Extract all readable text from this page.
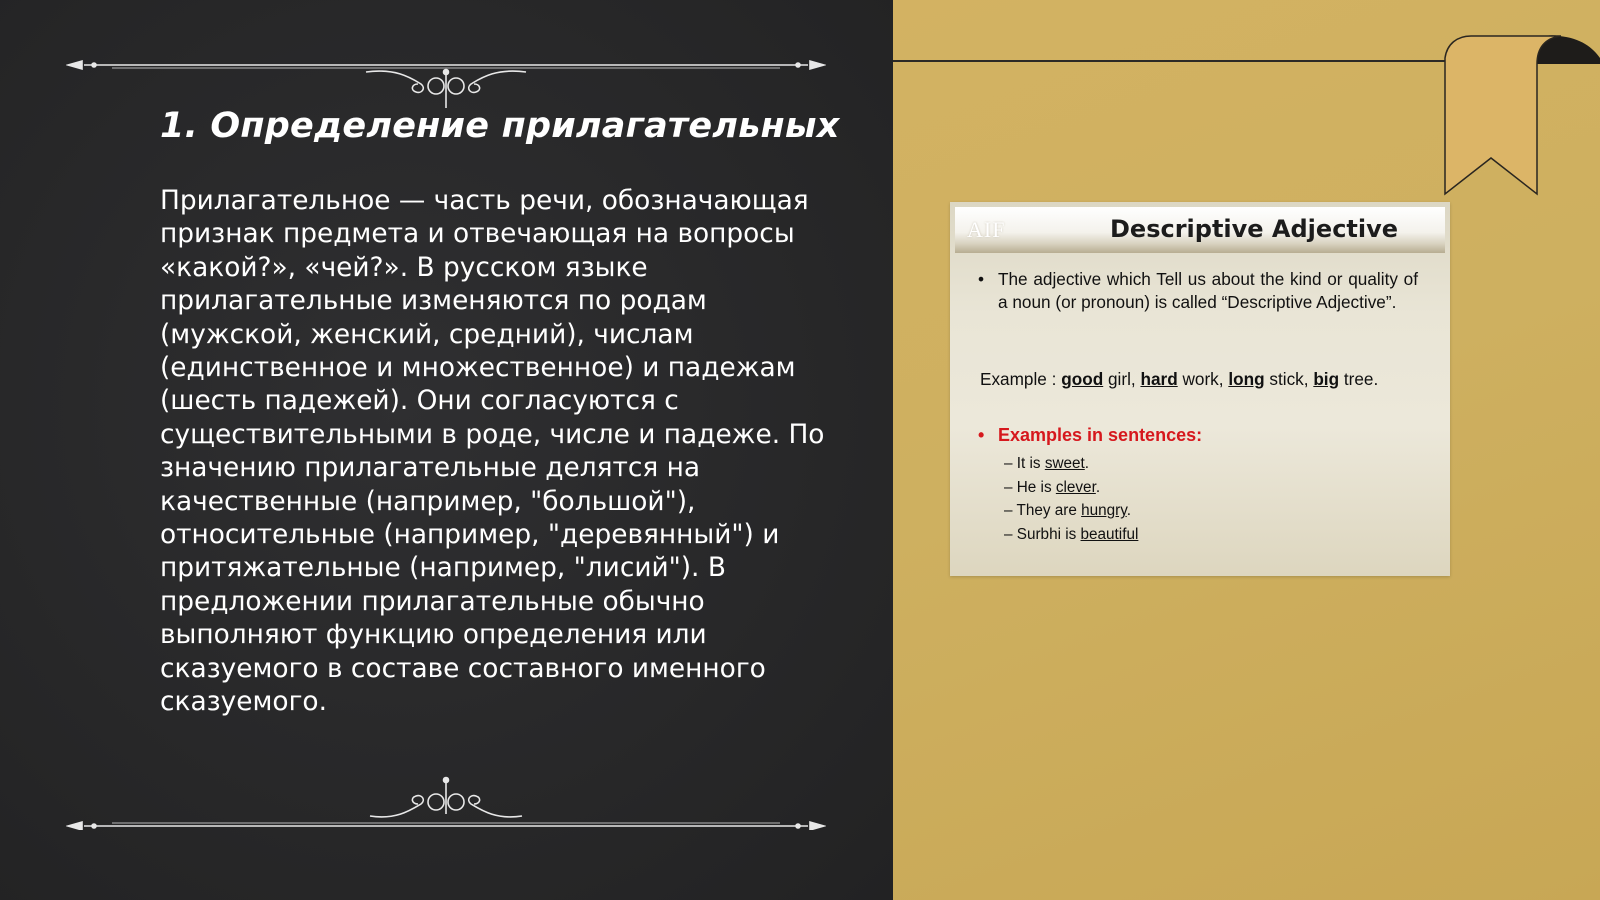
1. Определение прилагательных

Прилагательное — часть речи, обозначающая признак предмета и отвечающая на вопросы «какой?», «чей?». В русском языке прилагательные изменяются по родам (мужской, женский, средний), числам (единственное и множественное) и падежам (шесть падежей). Они согласуются с существительными в роде, числе и падеже. По значению прилагательные делятся на качественные (например, "большой"), относительные (например, "деревянный") и притяжательные (например, "лисий"). В предложении прилагательные обычно выполняют функцию определения или сказуемого в составе составного именного сказуемого.

AIF	Descriptive Adjective

• The adjective which Tell us about the kind or quality of a noun (or pronoun) is called “Descriptive Adjective”.

Example : good girl, hard work, long stick, big tree.

• Examples in sentences:

– It is sweet.
– He is clever.
– They are hungry.
– Surbhi is beautiful
